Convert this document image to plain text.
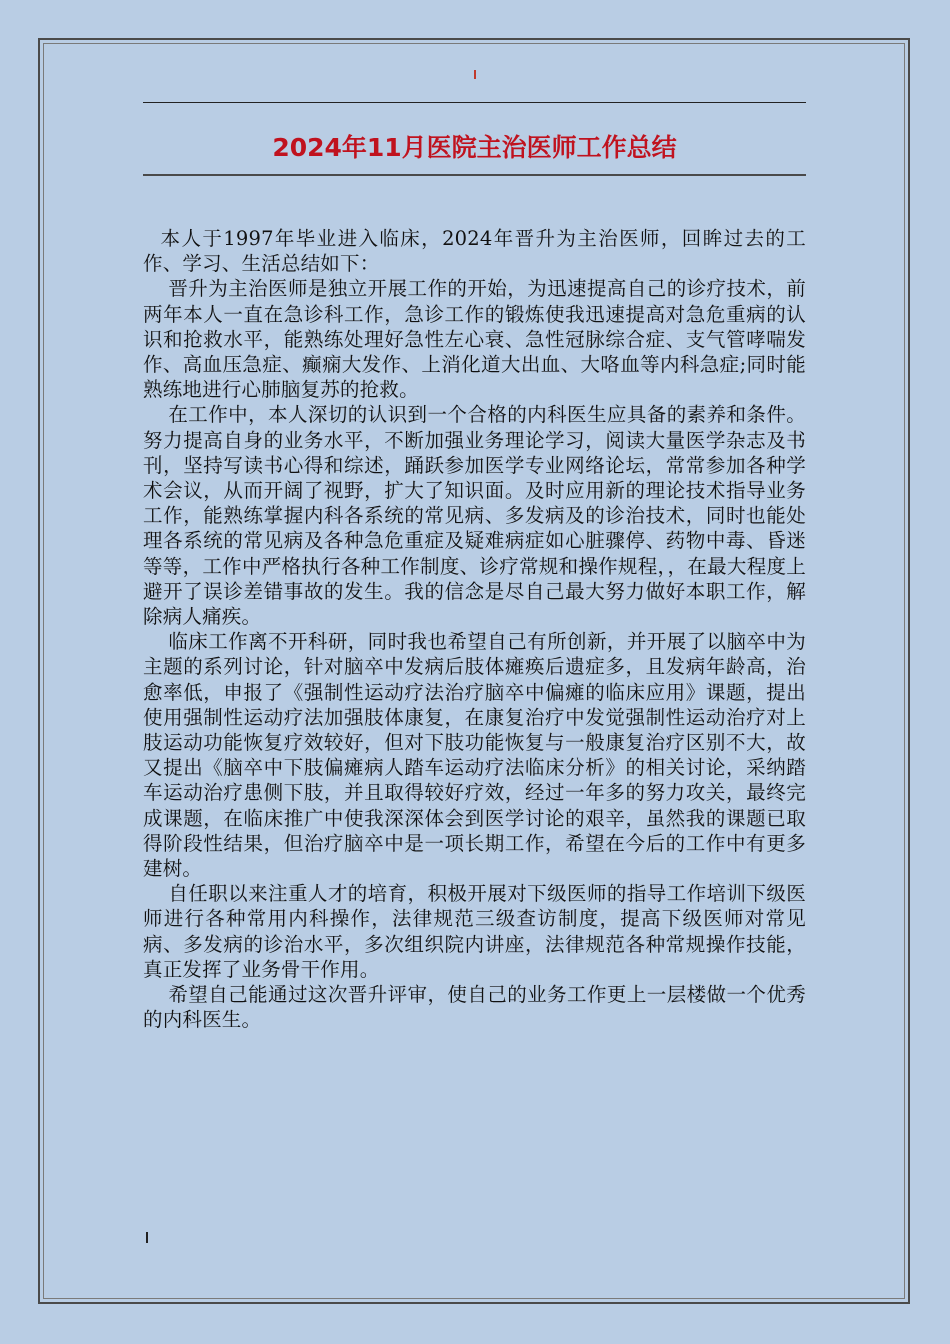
2024年11月医院主治医师工作总结

本人于1997年毕业进入临床，2024年晋升为主治医师，回眸过去的工作、学习、生活总结如下：

晋升为主治医师是独立开展工作的开始，为迅速提高自己的诊疗技术，前两年本人一直在急诊科工作，急诊工作的锻炼使我迅速提高对急危重病的认识和抢救水平，能熟练处理好急性左心衰、急性冠脉综合症、支气管哮喘发作、高血压急症、癫痫大发作、上消化道大出血、大咯血等内科急症;同时能熟练地进行心肺脑复苏的抢救。

在工作中，本人深切的认识到一个合格的内科医生应具备的素养和条件。努力提高自身的业务水平，不断加强业务理论学习，阅读大量医学杂志及书刊，坚持写读书心得和综述，踊跃参加医学专业网络论坛，常常参加各种学术会议，从而开阔了视野，扩大了知识面。及时应用新的理论技术指导业务工作，能熟练掌握内科各系统的常见病、多发病及的诊治技术，同时也能处理各系统的常见病及各种急危重症及疑难病症如心脏骤停、药物中毒、昏迷等等，工作中严格执行各种工作制度、诊疗常规和操作规程，，在最大程度上避开了误诊差错事故的发生。我的信念是尽自己最大努力做好本职工作，解除病人痛疾。

临床工作离不开科研，同时我也希望自己有所创新，并开展了以脑卒中为主题的系列讨论，针对脑卒中发病后肢体瘫痪后遗症多，且发病年龄高，治愈率低，申报了《强制性运动疗法治疗脑卒中偏瘫的临床应用》课题，提出使用强制性运动疗法加强肢体康复，在康复治疗中发觉强制性运动治疗对上肢运动功能恢复疗效较好，但对下肢功能恢复与一般康复治疗区别不大，故又提出《脑卒中下肢偏瘫病人踏车运动疗法临床分析》的相关讨论，采纳踏车运动治疗患侧下肢，并且取得较好疗效，经过一年多的努力攻关，最终完成课题，在临床推广中使我深深体会到医学讨论的艰辛，虽然我的课题已取得阶段性结果，但治疗脑卒中是一项长期工作，希望在今后的工作中有更多建树。

自任职以来注重人才的培育，积极开展对下级医师的指导工作培训下级医师进行各种常用内科操作，法律规范三级查访制度，提高下级医师对常见病、多发病的诊治水平，多次组织院内讲座，法律规范各种常规操作技能，真正发挥了业务骨干作用。

希望自己能通过这次晋升评审，使自己的业务工作更上一层楼做一个优秀的内科医生。
